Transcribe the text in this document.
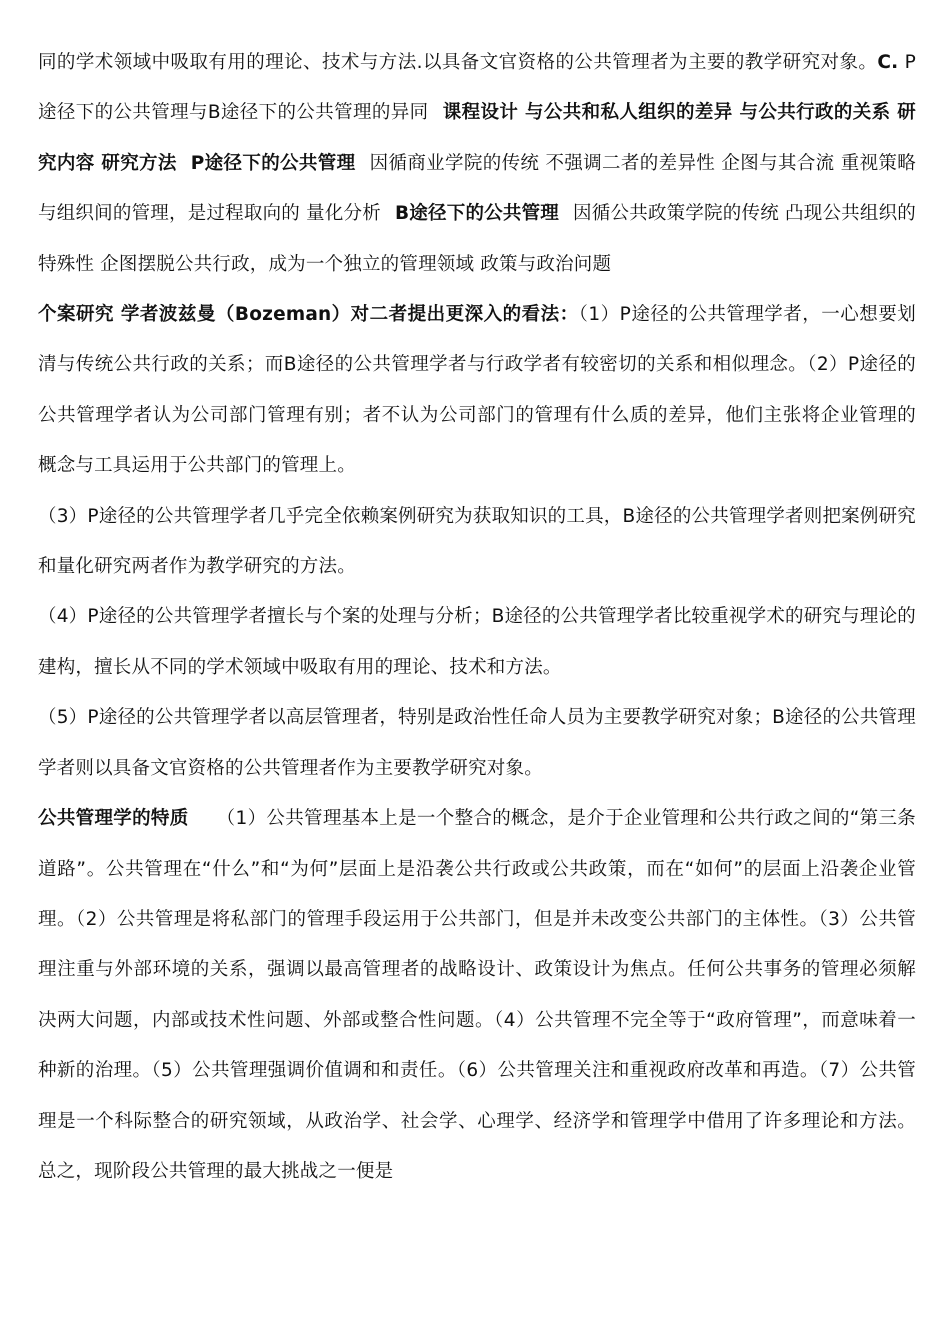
同的学术领域中吸取有用的理论、技术与方法.以具备文官资格的公共管理者为主要的教学研究对象。C. P途径下的公共管理与B途径下的公共管理的异同 课程设计 与公共和私人组织的差异 与公共行政的关系 研究内容 研究方法 P途径下的公共管理 因循商业学院的传统 不强调二者的差异性 企图与其合流 重视策略与组织间的管理，是过程取向的 量化分析 B途径下的公共管理 因循公共政策学院的传统 凸现公共组织的特殊性 企图摆脱公共行政，成为一个独立的管理领域 政策与政治问题

个案研究 学者波兹曼（Bozeman）对二者提出更深入的看法：（1）P途径的公共管理学者，一心想要划清与传统公共行政的关系；而B途径的公共管理学者与行政学者有较密切的关系和相似理念。（2）P途径的公共管理学者认为公司部门管理有别；者不认为公司部门的管理有什么质的差异，他们主张将企业管理的概念与工具运用于公共部门的管理上。

（3）P途径的公共管理学者几乎完全依赖案例研究为获取知识的工具，B途径的公共管理学者则把案例研究和量化研究两者作为教学研究的方法。

（4）P途径的公共管理学者擅长与个案的处理与分析；B途径的公共管理学者比较重视学术的研究与理论的建构，擅长从不同的学术领域中吸取有用的理论、技术和方法。

（5）P途径的公共管理学者以高层管理者，特别是政治性任命人员为主要教学研究对象；B途径的公共管理学者则以具备文官资格的公共管理者作为主要教学研究对象。

公共管理学的特质 （1）公共管理基本上是一个整合的概念，是介于企业管理和公共行政之间的“第三条道路”。公共管理在“什么”和“为何”层面上是沿袭公共行政或公共政策，而在“如何”的层面上沿袭企业管理。（2）公共管理是将私部门的管理手段运用于公共部门，但是并未改变公共部门的主体性。（3）公共管理注重与外部环境的关系，强调以最高管理者的战略设计、政策设计为焦点。任何公共事务的管理必须解决两大问题，内部或技术性问题、外部或整合性问题。（4）公共管理不完全等于“政府管理”，而意味着一种新的治理。（5）公共管理强调价值调和和责任。（6）公共管理关注和重视政府改革和再造。（7）公共管理是一个科际整合的研究领域，从政治学、社会学、心理学、经济学和管理学中借用了许多理论和方法。 总之，现阶段公共管理的最大挑战之一便是
